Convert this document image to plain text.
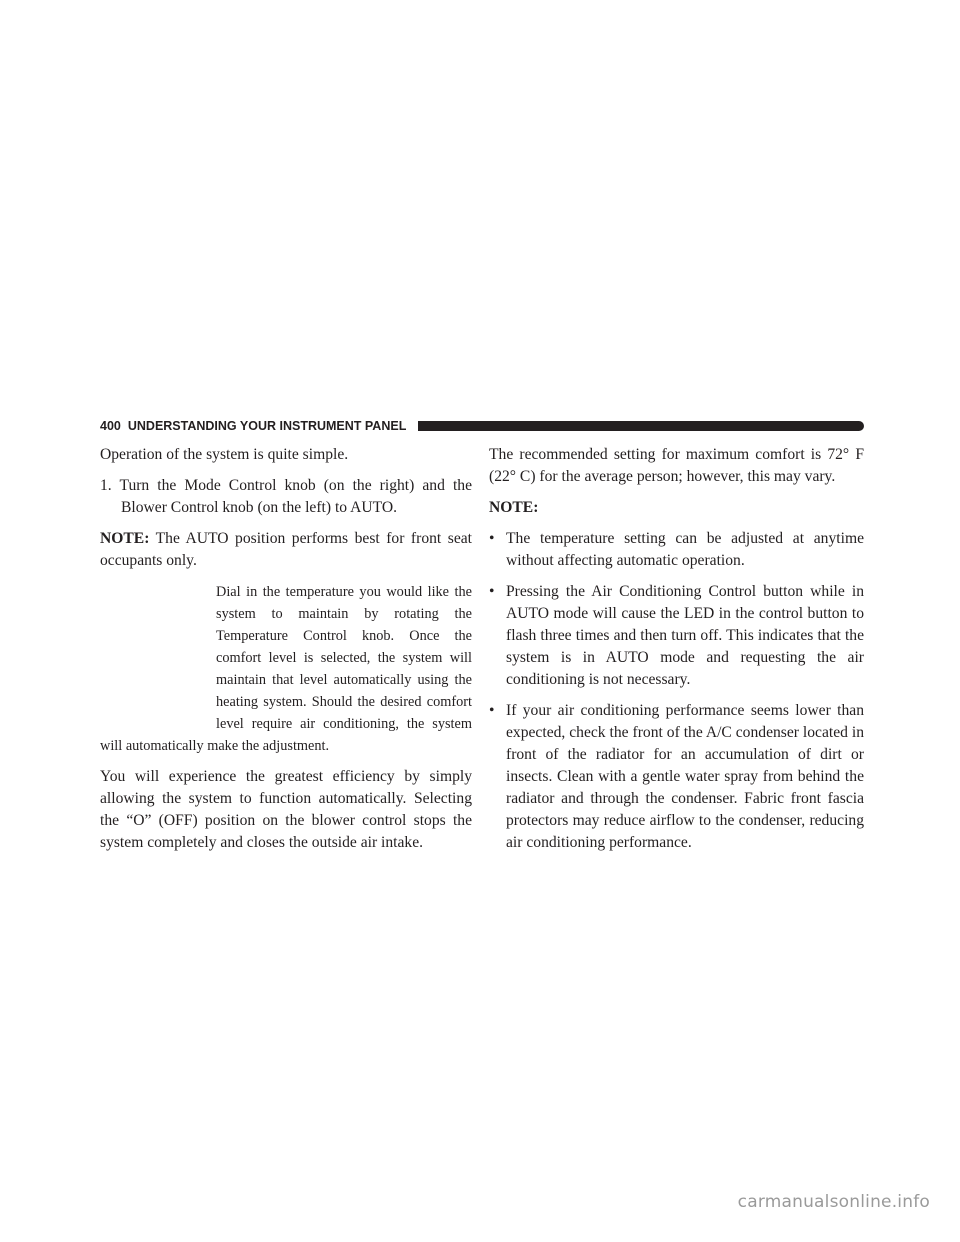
400 UNDERSTANDING YOUR INSTRUMENT PANEL

Operation of the system is quite simple.

1. Turn the Mode Control knob (on the right) and the Blower Control knob (on the left) to AUTO.

NOTE: The AUTO position performs best for front seat occupants only.

Dial in the temperature you would like the system to maintain by rotating the Temperature Control knob. Once the comfort level is selected, the system will maintain that level automatically using the heating system. Should the desired comfort level require air conditioning, the system will automatically make the adjustment.

You will experience the greatest efficiency by simply allowing the system to function automatically. Selecting the “O” (OFF) position on the blower control stops the system completely and closes the outside air intake.

The recommended setting for maximum comfort is 72° F (22° C) for the average person; however, this may vary.

NOTE:

• The temperature setting can be adjusted at anytime without affecting automatic operation.

• Pressing the Air Conditioning Control button while in AUTO mode will cause the LED in the control button to flash three times and then turn off. This indicates that the system is in AUTO mode and requesting the air conditioning is not necessary.

• If your air conditioning performance seems lower than expected, check the front of the A/C condenser located in front of the radiator for an accumulation of dirt or insects. Clean with a gentle water spray from behind the radiator and through the condenser. Fabric front fascia protectors may reduce airflow to the condenser, reducing air conditioning performance.

carmanualsonline.info
